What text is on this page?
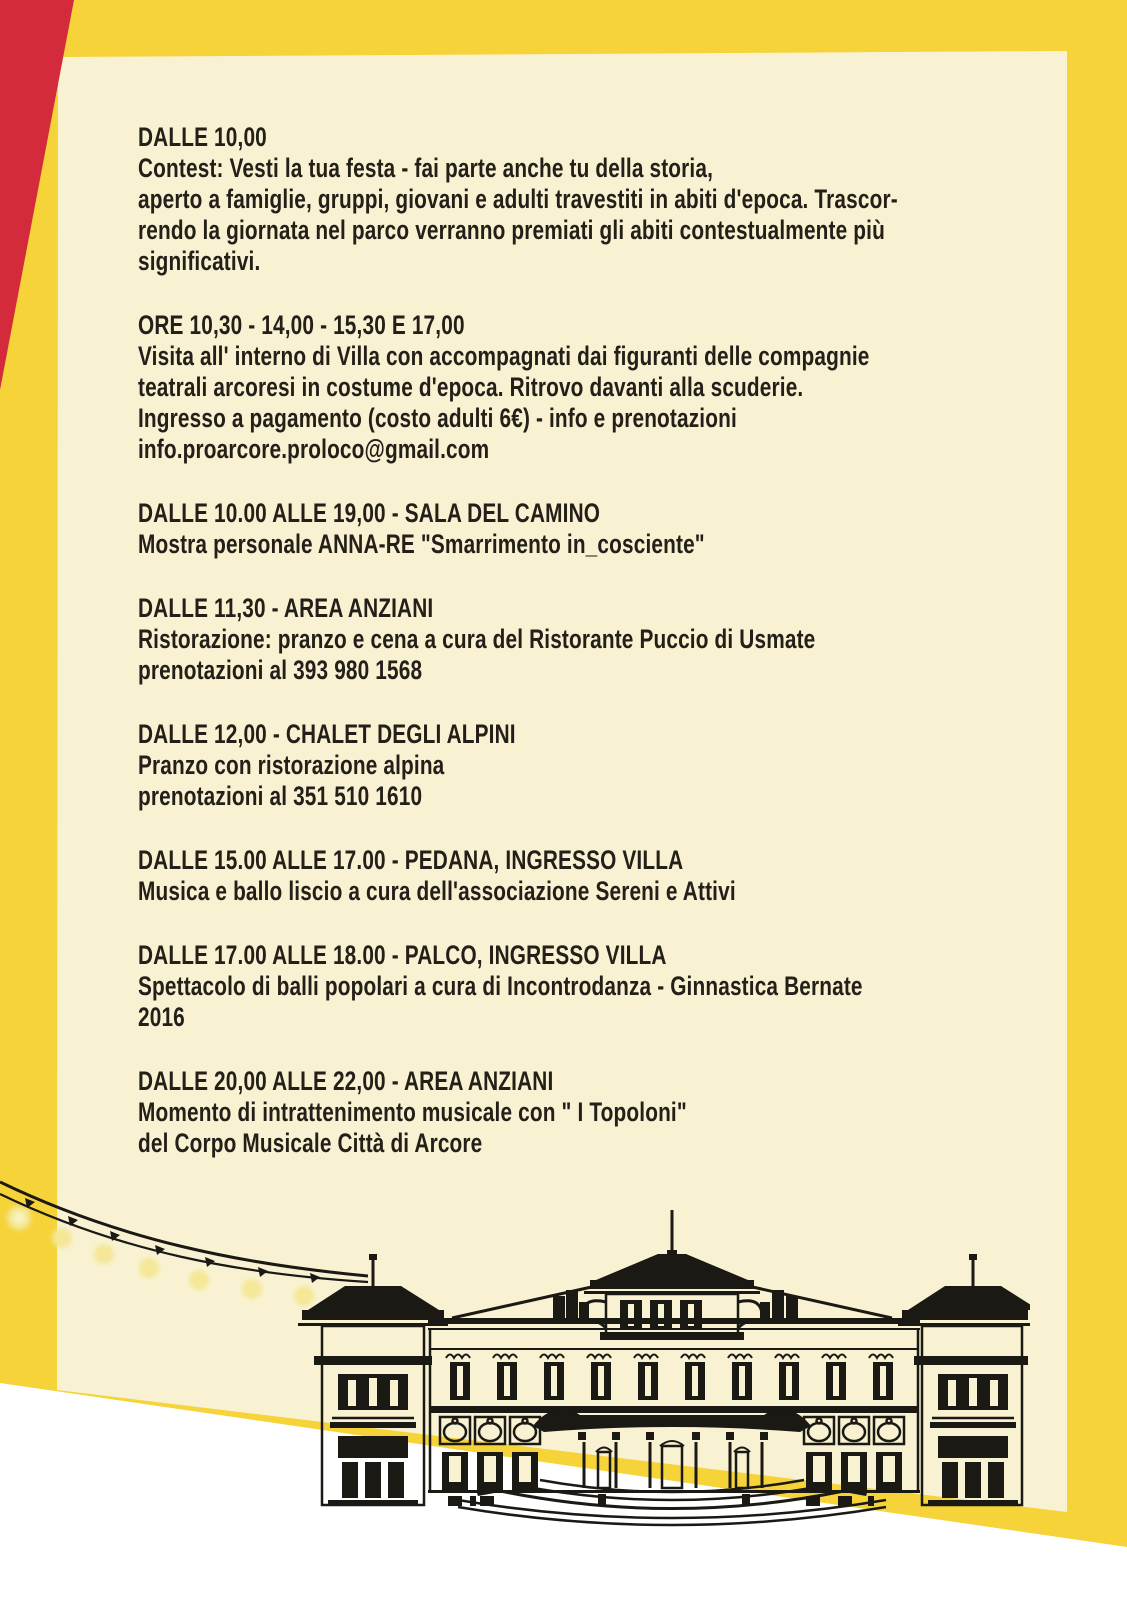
DALLE 10,00
Contest: Vesti la tua festa - fai parte anche tu della storia,
aperto a famiglie, gruppi, giovani e adulti travestiti in abiti d'epoca. Trascor-
rendo la giornata nel parco verranno premiati gli abiti contestualmente più
significativi.
ORE 10,30 - 14,00 - 15,30 E 17,00
Visita all' interno di Villa con accompagnati dai figuranti delle compagnie
teatrali arcoresi in costume d'epoca. Ritrovo davanti alla scuderie.
Ingresso a pagamento (costo adulti 6€) - info e prenotazioni
info.proarcore.proloco@gmail.com
DALLE 10.00 ALLE 19,00 - SALA DEL CAMINO
Mostra personale ANNA-RE "Smarrimento in_cosciente"
DALLE 11,30 - AREA ANZIANI
Ristorazione: pranzo e cena a cura del Ristorante Puccio di Usmate
prenotazioni al 393 980 1568
DALLE 12,00 - CHALET DEGLI ALPINI
Pranzo con ristorazione alpina
prenotazioni al 351 510 1610
DALLE 15.00 ALLE 17.00 - PEDANA, INGRESSO VILLA
Musica e ballo liscio a cura dell'associazione Sereni e Attivi
DALLE 17.00 ALLE 18.00 - PALCO, INGRESSO VILLA
Spettacolo di balli popolari a cura di Incontrodanza - Ginnastica Bernate
2016
DALLE 20,00 ALLE 22,00 - AREA ANZIANI
Momento di intrattenimento musicale con " I Topoloni"
del Corpo Musicale Città di Arcore
